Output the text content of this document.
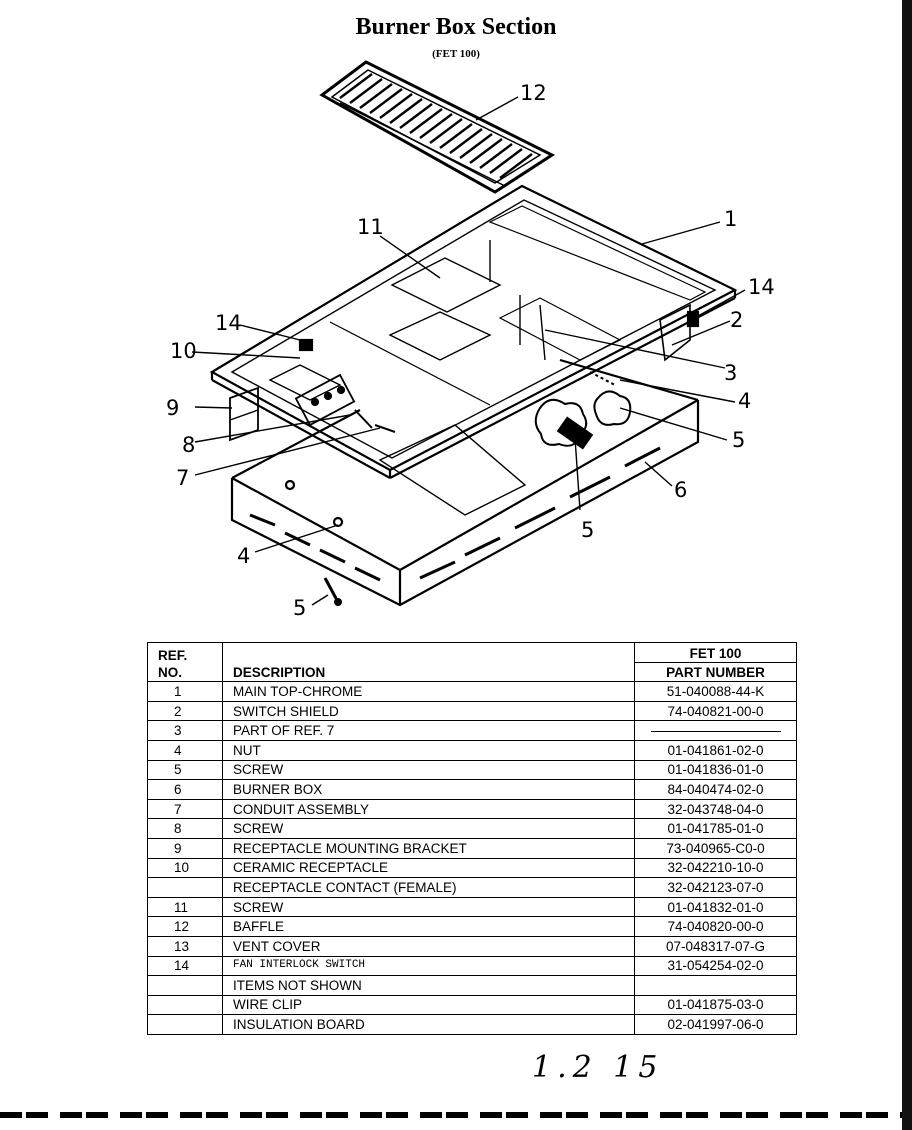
Burner Box Section
(FET 100)
12
1
11
14
2
14
10
3
4
9
5
8
7	6
5
4
5
REF.
NO.	DESCRIPTION	FET 100
		PART NUMBER
1	MAIN TOP-CHROME	51-040088-44-K
2	SWITCH SHIELD	74-040821-00-0
3	PART OF REF. 7	
4	NUT	01-041861-02-0
5	SCREW	01-041836-01-0
6	BURNER BOX	84-040474-02-0
7	CONDUIT ASSEMBLY	32-043748-04-0
8	SCREW	01-041785-01-0
9	RECEPTACLE MOUNTING BRACKET	73-040965-C0-0
10	CERAMIC RECEPTACLE	32-042210-10-0
	RECEPTACLE CONTACT (FEMALE)	32-042123-07-0
11	SCREW	01-041832-01-0
12	BAFFLE	74-040820-00-0
13	VENT COVER	07-048317-07-G
14	FAN INTERLOCK SWITCH	31-054254-02-0
	ITEMS NOT SHOWN	
	WIRE CLIP	01-041875-03-0
	INSULATION BOARD	02-041997-06-0
1.2 15
